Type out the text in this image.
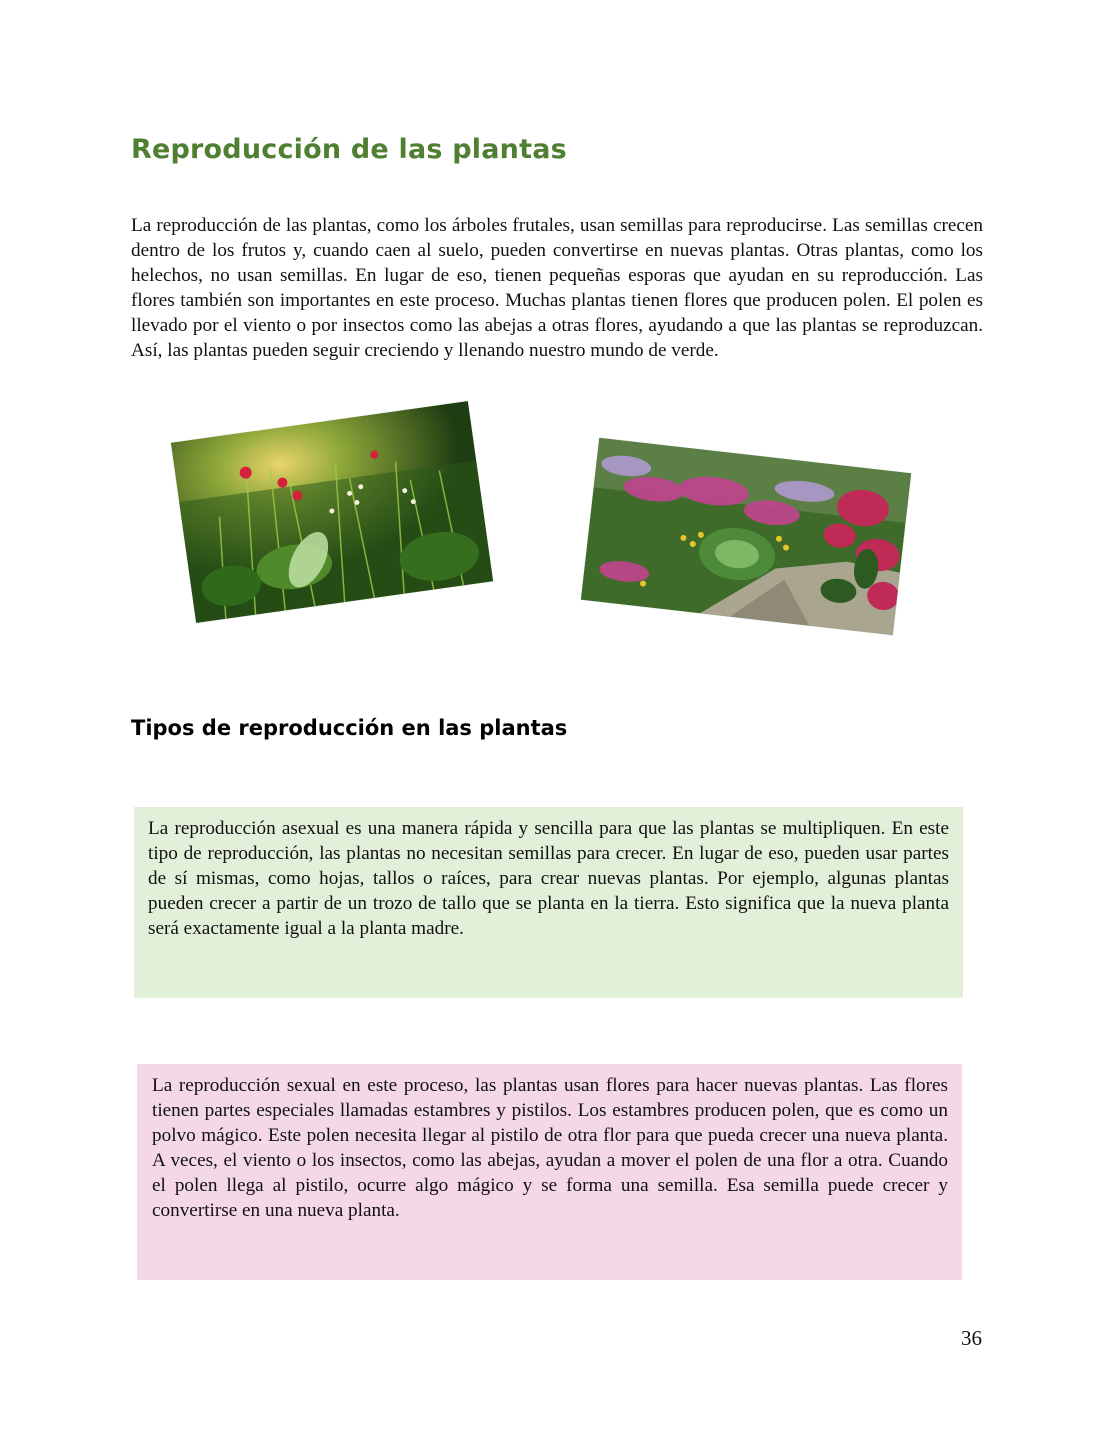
Reproducción de las plantas

La reproducción de las plantas, como los árboles frutales, usan semillas para reproducirse. Las semillas crecen dentro de los frutos y, cuando caen al suelo, pueden convertirse en nuevas plantas. Otras plantas, como los helechos, no usan semillas. En lugar de eso, tienen pequeñas esporas que ayudan en su reproducción. Las flores también son importantes en este proceso. Muchas plantas tienen flores que producen polen. El polen es llevado por el viento o por insectos como las abejas a otras flores, ayudando a que las plantas se reproduzcan. Así, las plantas pueden seguir creciendo y llenando nuestro mundo de verde.

Tipos de reproducción en las plantas

La reproducción asexual es una manera rápida y sencilla para que las plantas se multipliquen. En este tipo de reproducción, las plantas no necesitan semillas para crecer. En lugar de eso, pueden usar partes de sí mismas, como hojas, tallos o raíces, para crear nuevas plantas. Por ejemplo, algunas plantas pueden crecer a partir de un trozo de tallo que se planta en la tierra. Esto significa que la nueva planta será exactamente igual a la planta madre.

La reproducción sexual en este proceso, las plantas usan flores para hacer nuevas plantas. Las flores tienen partes especiales llamadas estambres y pistilos. Los estambres producen polen, que es como un polvo mágico. Este polen necesita llegar al pistilo de otra flor para que pueda crecer una nueva planta. A veces, el viento o los insectos, como las abejas, ayudan a mover el polen de una flor a otra. Cuando el polen llega al pistilo, ocurre algo mágico y se forma una semilla. Esa semilla puede crecer y convertirse en una nueva planta.

36
